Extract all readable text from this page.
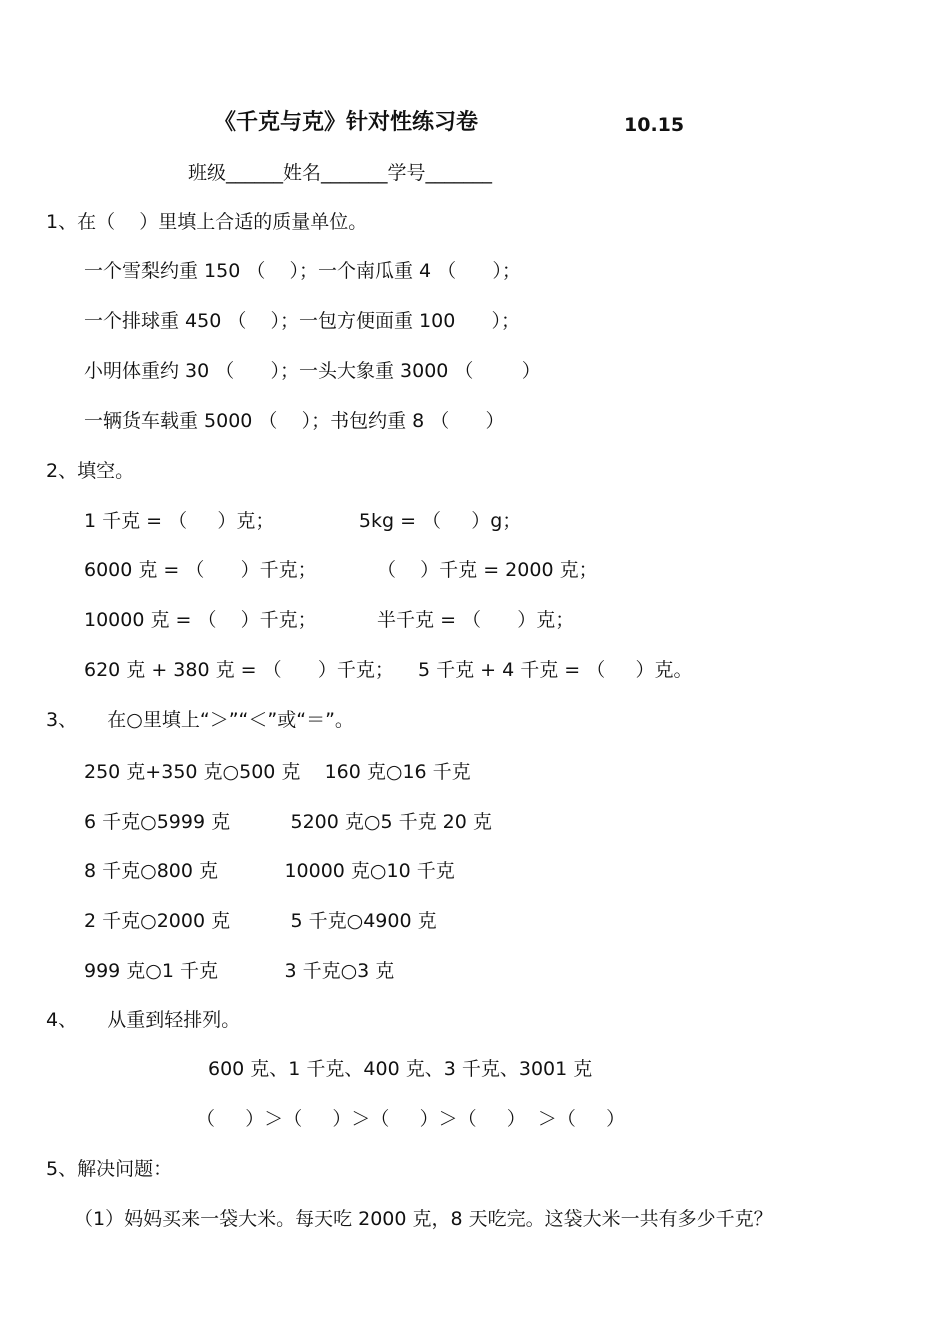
《千克与克》针对性练习卷	10.15
班级______姓名_______学号_______
1、在（    ）里填上合适的质量单位。
一个雪梨约重 150 （    ）；一个南瓜重 4 （      ）；
一个排球重 450 （    ）；一包方便面重 100      ）；
小明体重约 30 （      ）；一头大象重 3000 （        ）
一辆货车载重 5000 （    ）；书包约重 8 （      ）
2、填空。
1 千克 = （     ）克；              5kg = （     ）g；
6000 克 = （      ）千克；          （    ）千克 = 2000 克；
10000 克 = （    ）千克；          半千克 = （      ）克；
620 克 + 380 克 = （      ）千克；    5 千克 + 4 千克 = （     ）克。
3、     在○里填上“＞”“＜”或“＝”。
250 克+350 克○500 克    160 克○16 千克
6 千克○5999 克          5200 克○5 千克 20 克
8 千克○800 克           10000 克○10 千克
2 千克○2000 克          5 千克○4900 克
999 克○1 千克           3 千克○3 克
4、     从重到轻排列。
600 克、1 千克、400 克、3 千克、3001 克
（     ）＞（     ）＞（     ）＞（     ）  ＞（     ）
5、解决问题：
（1）妈妈买来一袋大米。每天吃 2000 克，8 天吃完。这袋大米一共有多少千克？
